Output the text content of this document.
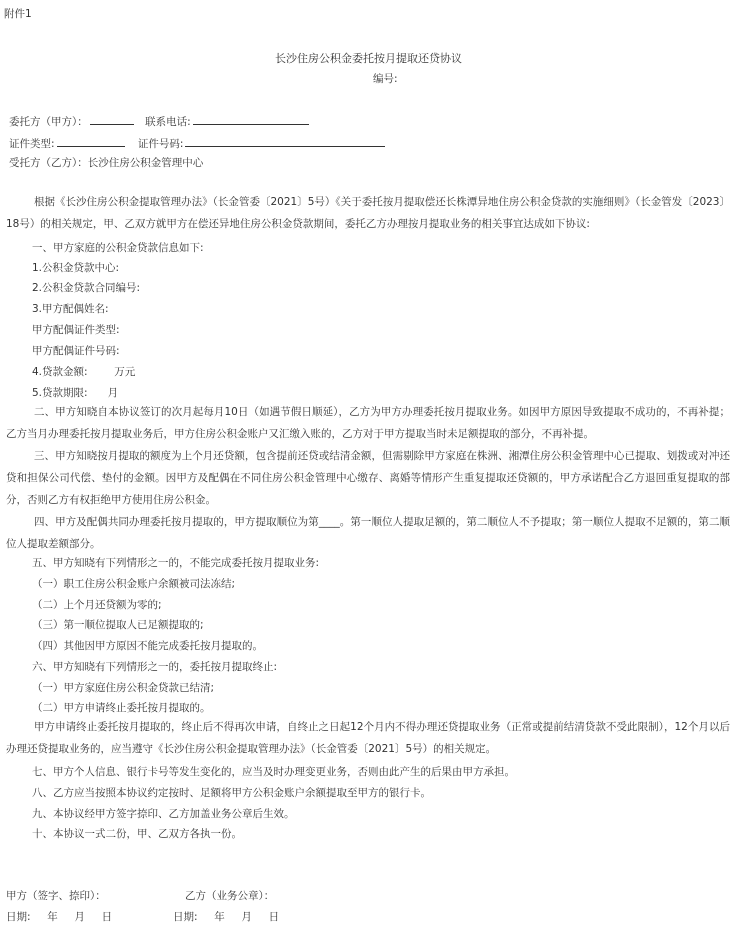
附件1
长沙住房公积金委托按月提取还贷协议
编号:
委托方（甲方）：	联系电话:
证件类型:	证件号码:
受托方（乙方）：长沙住房公积金管理中心
根据《长沙住房公积金提取管理办法》（长金管委〔2021〕5号）《关于委托按月提取偿还长株潭异地住房公积金贷款的实施细则》（长金管发〔2023〕18号）的相关规定，甲、乙双方就甲方在偿还异地住房公积金贷款期间，委托乙方办理按月提取业务的相关事宜达成如下协议:
一、甲方家庭的公积金贷款信息如下:
1.公积金贷款中心:
2.公积金贷款合同编号:
3.甲方配偶姓名:
甲方配偶证件类型:
甲方配偶证件号码:
4.贷款金额:        万元
5.贷款期限:      月
二、甲方知晓自本协议签订的次月起每月10日（如遇节假日顺延），乙方为甲方办理委托按月提取业务。如因甲方原因导致提取不成功的，不再补提；乙方当月办理委托按月提取业务后，甲方住房公积金账户又汇缴入账的，乙方对于甲方提取当时未足额提取的部分，不再补提。
三、甲方知晓按月提取的额度为上个月还贷额，包含提前还贷或结清金额，但需剔除甲方家庭在株洲、湘潭住房公积金管理中心已提取、划拨或对冲还贷和担保公司代偿、垫付的金额。因甲方及配偶在不同住房公积金管理中心缴存、离婚等情形产生重复提取还贷额的，甲方承诺配合乙方退回重复提取的部分，否则乙方有权拒绝甲方使用住房公积金。
四、甲方及配偶共同办理委托按月提取的，甲方提取顺位为第____。第一顺位人提取足额的，第二顺位人不予提取；第一顺位人提取不足额的，第二顺位人提取差额部分。
五、甲方知晓有下列情形之一的，不能完成委托按月提取业务:
（一）职工住房公积金账户余额被司法冻结;
（二）上个月还贷额为零的;
（三）第一顺位提取人已足额提取的;
（四）其他因甲方原因不能完成委托按月提取的。
六、甲方知晓有下列情形之一的，委托按月提取终止:
（一）甲方家庭住房公积金贷款已结清;
（二）甲方申请终止委托按月提取的。
甲方申请终止委托按月提取的，终止后不得再次申请，自终止之日起12个月内不得办理还贷提取业务（正常或提前结清贷款不受此限制），12个月以后办理还贷提取业务的，应当遵守《长沙住房公积金提取管理办法》（长金管委〔2021〕5号）的相关规定。
七、甲方个人信息、银行卡号等发生变化的，应当及时办理变更业务，否则由此产生的后果由甲方承担。
八、乙方应当按照本协议约定按时、足额将甲方公积金账户余额提取至甲方的银行卡。
九、本协议经甲方签字捺印、乙方加盖业务公章后生效。
十、本协议一式二份，甲、乙双方各执一份。
甲方（签字、捺印）：	乙方（业务公章）：
日期:     年     月     日	日期:     年     月     日
